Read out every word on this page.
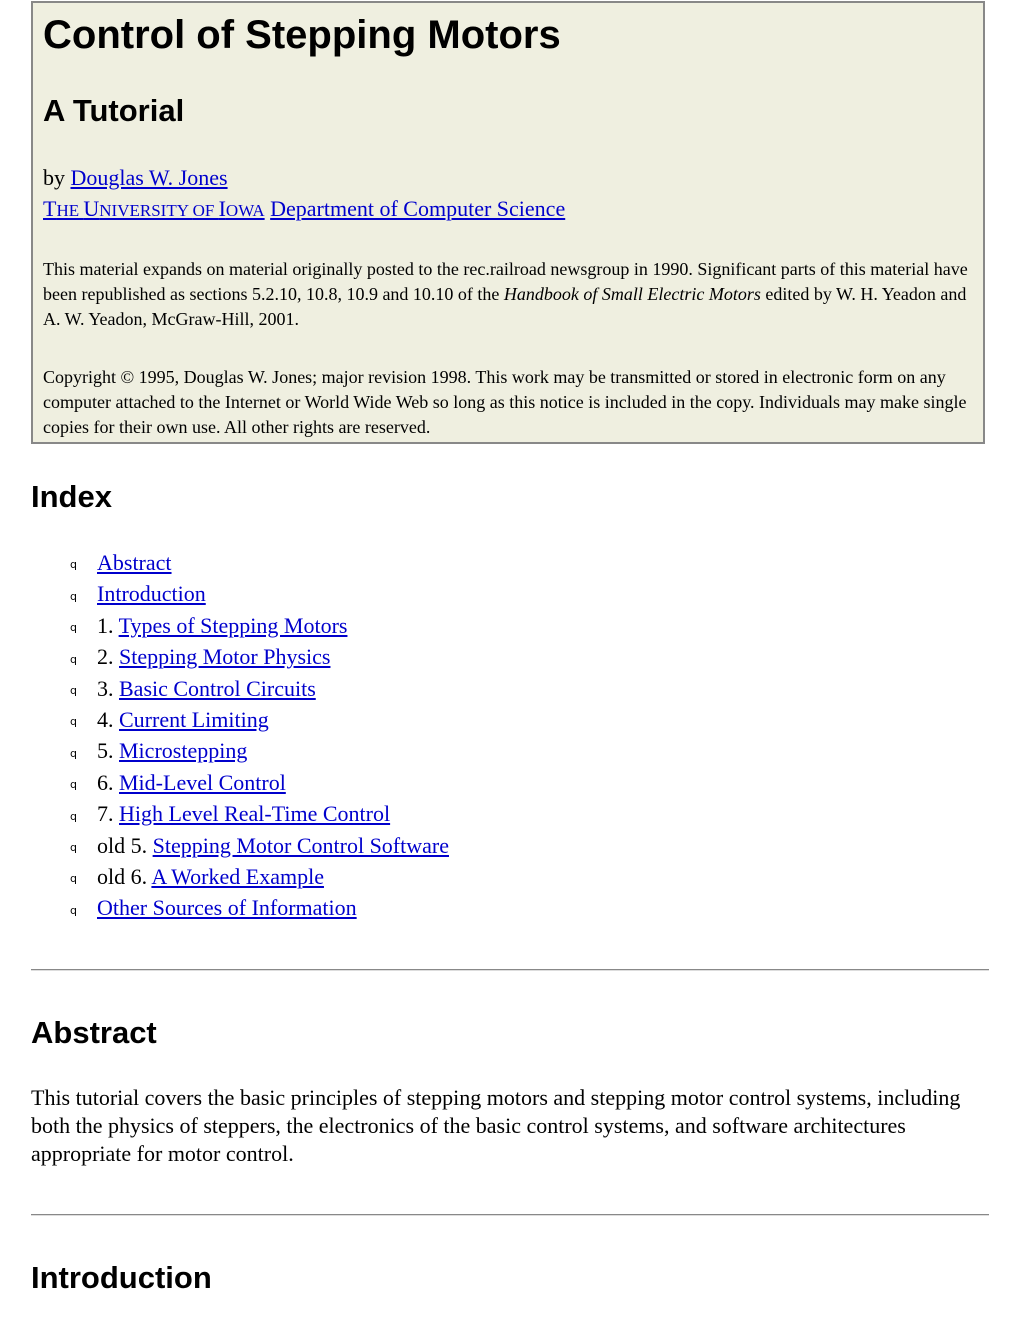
Control of Stepping Motors
A Tutorial
by Douglas W. Jones
THE UNIVERSITY OF IOWA Department of Computer Science

This material expands on material originally posted to the rec.railroad newsgroup in 1990. Significant parts of this material have been republished as sections 5.2.10, 10.8, 10.9 and 10.10 of the Handbook of Small Electric Motors edited by W. H. Yeadon and A. W. Yeadon, McGraw-Hill, 2001.

Copyright © 1995, Douglas W. Jones; major revision 1998. This work may be transmitted or stored in electronic form on any computer attached to the Internet or World Wide Web so long as this notice is included in the copy. Individuals may make single copies for their own use. All other rights are reserved.

Index
q Abstract
q Introduction
q 1. Types of Stepping Motors
q 2. Stepping Motor Physics
q 3. Basic Control Circuits
q 4. Current Limiting
q 5. Microstepping
q 6. Mid-Level Control
q 7. High Level Real-Time Control
q old 5. Stepping Motor Control Software
q old 6. A Worked Example
q Other Sources of Information
Abstract

This tutorial covers the basic principles of stepping motors and stepping motor control systems, including both the physics of steppers, the electronics of the basic control systems, and software architectures appropriate for motor control.

Introduction
